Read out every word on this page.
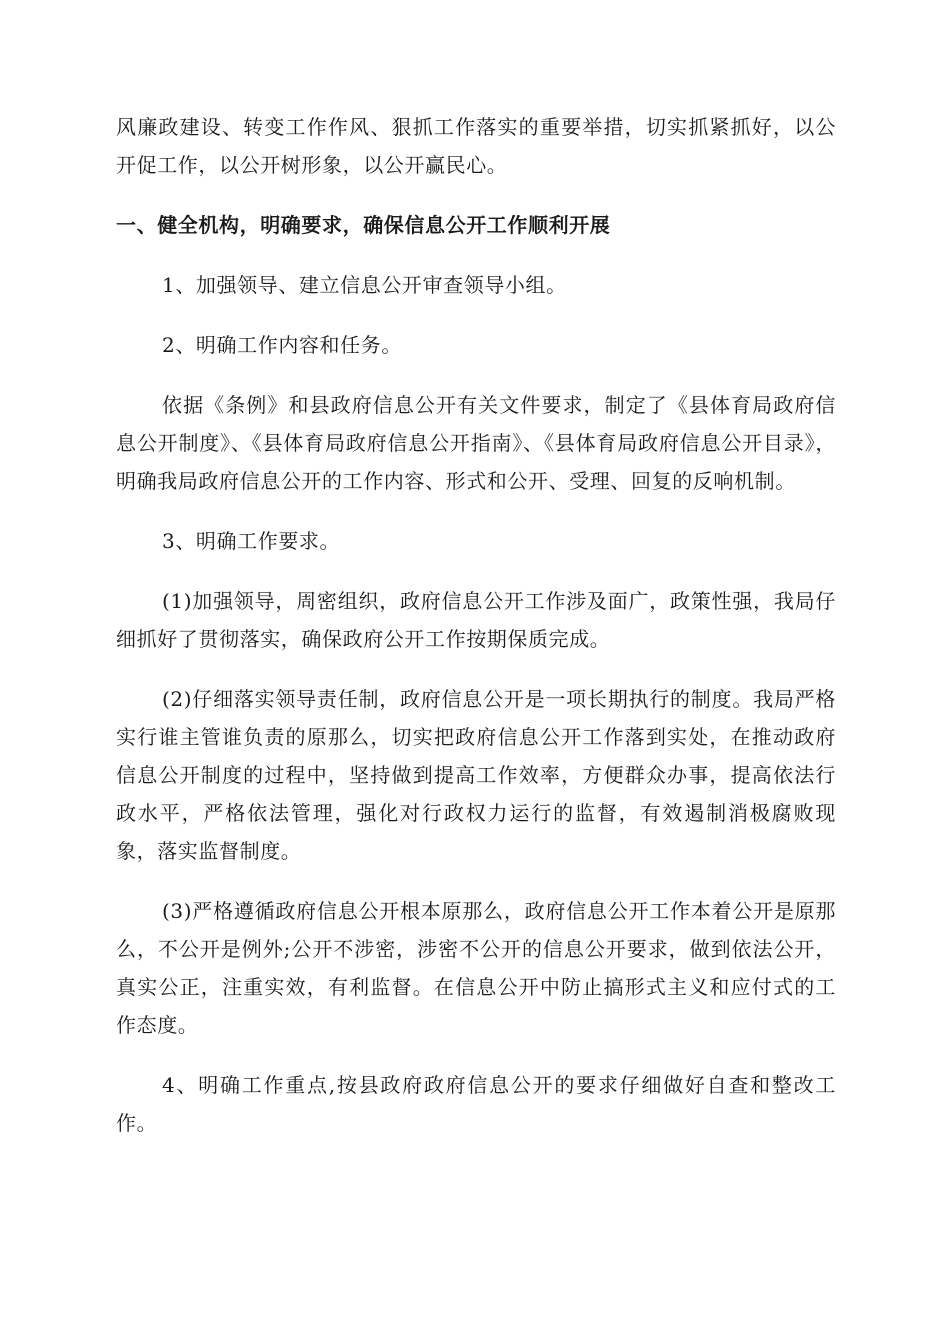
风廉政建设、转变工作作风、狠抓工作落实的重要举措，切实抓紧抓好，以公开促工作，以公开树形象，以公开赢民心。

一、健全机构，明确要求，确保信息公开工作顺利开展

1、加强领导、建立信息公开审查领导小组。

2、明确工作内容和任务。

依据《条例》和县政府信息公开有关文件要求，制定了《县体育局政府信息公开制度》、《县体育局政府信息公开指南》、《县体育局政府信息公开目录》，明确我局政府信息公开的工作内容、形式和公开、受理、回复的反响机制。

3、明确工作要求。

(1)加强领导，周密组织，政府信息公开工作涉及面广，政策性强，我局仔细抓好了贯彻落实，确保政府公开工作按期保质完成。

(2)仔细落实领导责任制，政府信息公开是一项长期执行的制度。我局严格实行谁主管谁负责的原那么，切实把政府信息公开工作落到实处，在推动政府信息公开制度的过程中，坚持做到提高工作效率，方便群众办事，提高依法行政水平，严格依法管理，强化对行政权力运行的监督，有效遏制消极腐败现象，落实监督制度。

(3)严格遵循政府信息公开根本原那么，政府信息公开工作本着公开是原那么，不公开是例外;公开不涉密，涉密不公开的信息公开要求，做到依法公开，真实公正，注重实效，有利监督。在信息公开中防止搞形式主义和应付式的工作态度。

4、明确工作重点,按县政府政府信息公开的要求仔细做好自查和整改工作。
